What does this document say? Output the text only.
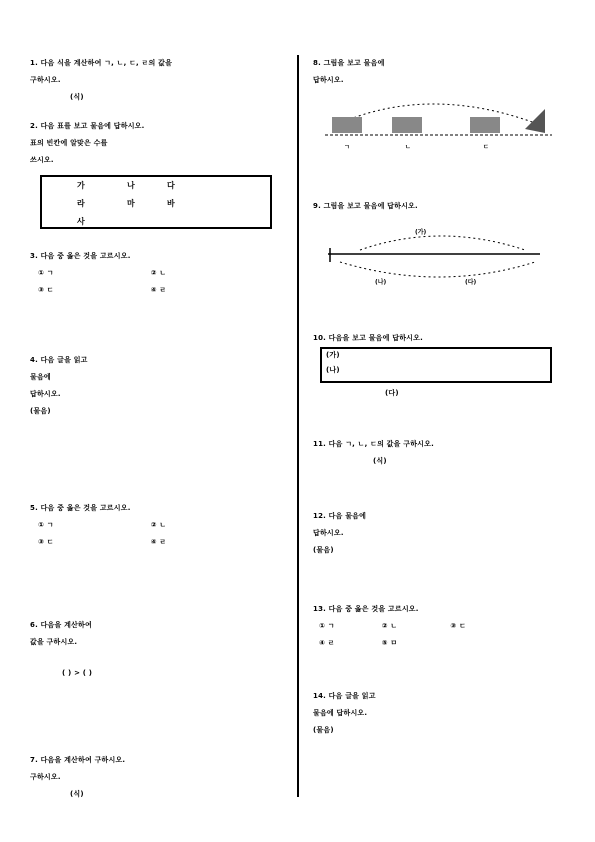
1. 다음 식을 계산하여 ㄱ, ㄴ, ㄷ, ㄹ의 값을
구하시오.
(식)
2. 다음 표를 보고 물음에 답하시오.
표의 빈칸에 알맞은 수를
쓰시오.
가	나	다
라	마	바
사
3. 다음 중 옳은 것을 고르시오.
① ㄱ	② ㄴ
③ ㄷ	④ ㄹ
4. 다음 글을 읽고
물음에
답하시오.
(물음)
5. 다음 중 옳은 것을 고르시오.
① ㄱ	② ㄴ
③ ㄷ	④ ㄹ
6. 다음을 계산하여
값을 구하시오.
( ) > ( )
7. 다음을 계산하여 구하시오.
구하시오.
(식)
8. 그림을 보고 물음에
답하시오.
ㄱ	ㄴ	ㄷ
9. 그림을 보고 물음에 답하시오.
(가)
(나)	(다)
10. 다음을 보고 물음에 답하시오.
(가)
(나)
(다)
11. 다음 ㄱ, ㄴ, ㄷ의 값을 구하시오.
(식)
12. 다음 물음에
답하시오.
(물음)
13. 다음 중 옳은 것을 고르시오.
① ㄱ	② ㄴ	③ ㄷ
④ ㄹ	⑤ ㅁ
14. 다음 글을 읽고
물음에 답하시오.
(물음)
